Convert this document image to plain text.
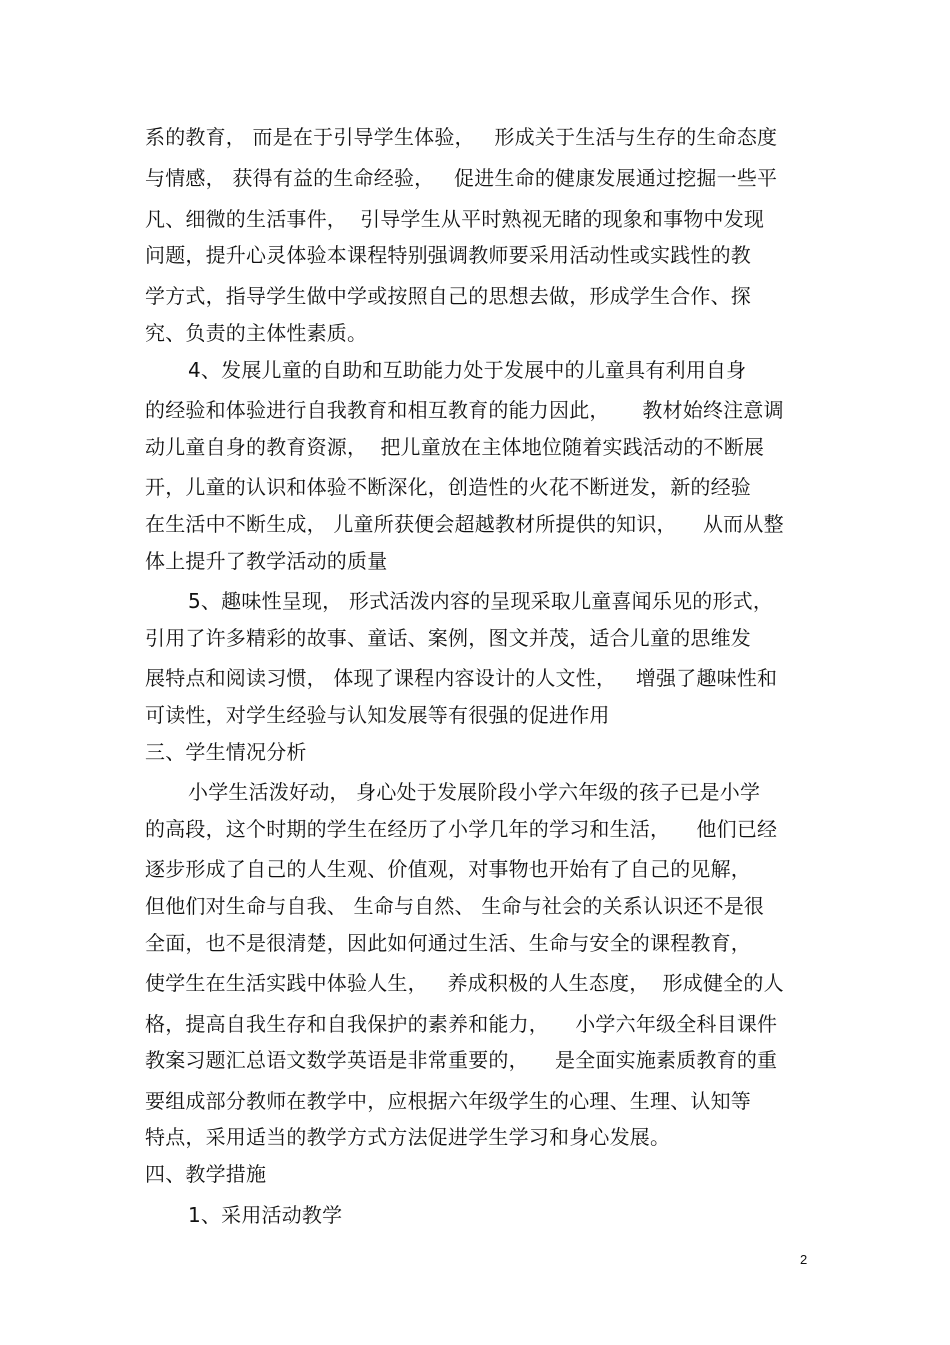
系的教育， 而是在于引导学生体验，   形成关于生活与生存的生命态度
与情感， 获得有益的生命经验，   促进生命的健康发展通过挖掘一些平
凡、细微的生活事件，  引导学生从平时熟视无睹的现象和事物中发现
问题，提升心灵体验本课程特别强调教师要采用活动性或实践性的教
学方式，指导学生做中学或按照自己的思想去做，形成学生合作、探
究、负责的主体性素质。
4、发展儿童的自助和互助能力处于发展中的儿童具有利用自身
的经验和体验进行自我教育和相互教育的能力因此，     教材始终注意调
动儿童自身的教育资源，  把儿童放在主体地位随着实践活动的不断展
开，儿童的认识和体验不断深化，创造性的火花不断迸发，新的经验
在生活中不断生成， 儿童所获便会超越教材所提供的知识，    从而从整
体上提升了教学活动的质量
5、趣味性呈现， 形式活泼内容的呈现采取儿童喜闻乐见的形式，
引用了许多精彩的故事、童话、案例，图文并茂，适合儿童的思维发
展特点和阅读习惯， 体现了课程内容设计的人文性，   增强了趣味性和
可读性，对学生经验与认知发展等有很强的促进作用
三、学生情况分析
小学生活泼好动， 身心处于发展阶段小学六年级的孩子已是小学
的高段，这个时期的学生在经历了小学几年的学习和生活，    他们已经
逐步形成了自己的人生观、价值观，对事物也开始有了自己的见解，
但他们对生命与自我、 生命与自然、 生命与社会的关系认识还不是很
全面，也不是很清楚，因此如何通过生活、生命与安全的课程教育，
使学生在生活实践中体验人生，   养成积极的人生态度，  形成健全的人
格，提高自我生存和自我保护的素养和能力，    小学六年级全科目课件
教案习题汇总语文数学英语是非常重要的，    是全面实施素质教育的重
要组成部分教师在教学中，应根据六年级学生的心理、生理、认知等
特点，采用适当的教学方式方法促进学生学习和身心发展。
四、教学措施
1、采用活动教学
2
